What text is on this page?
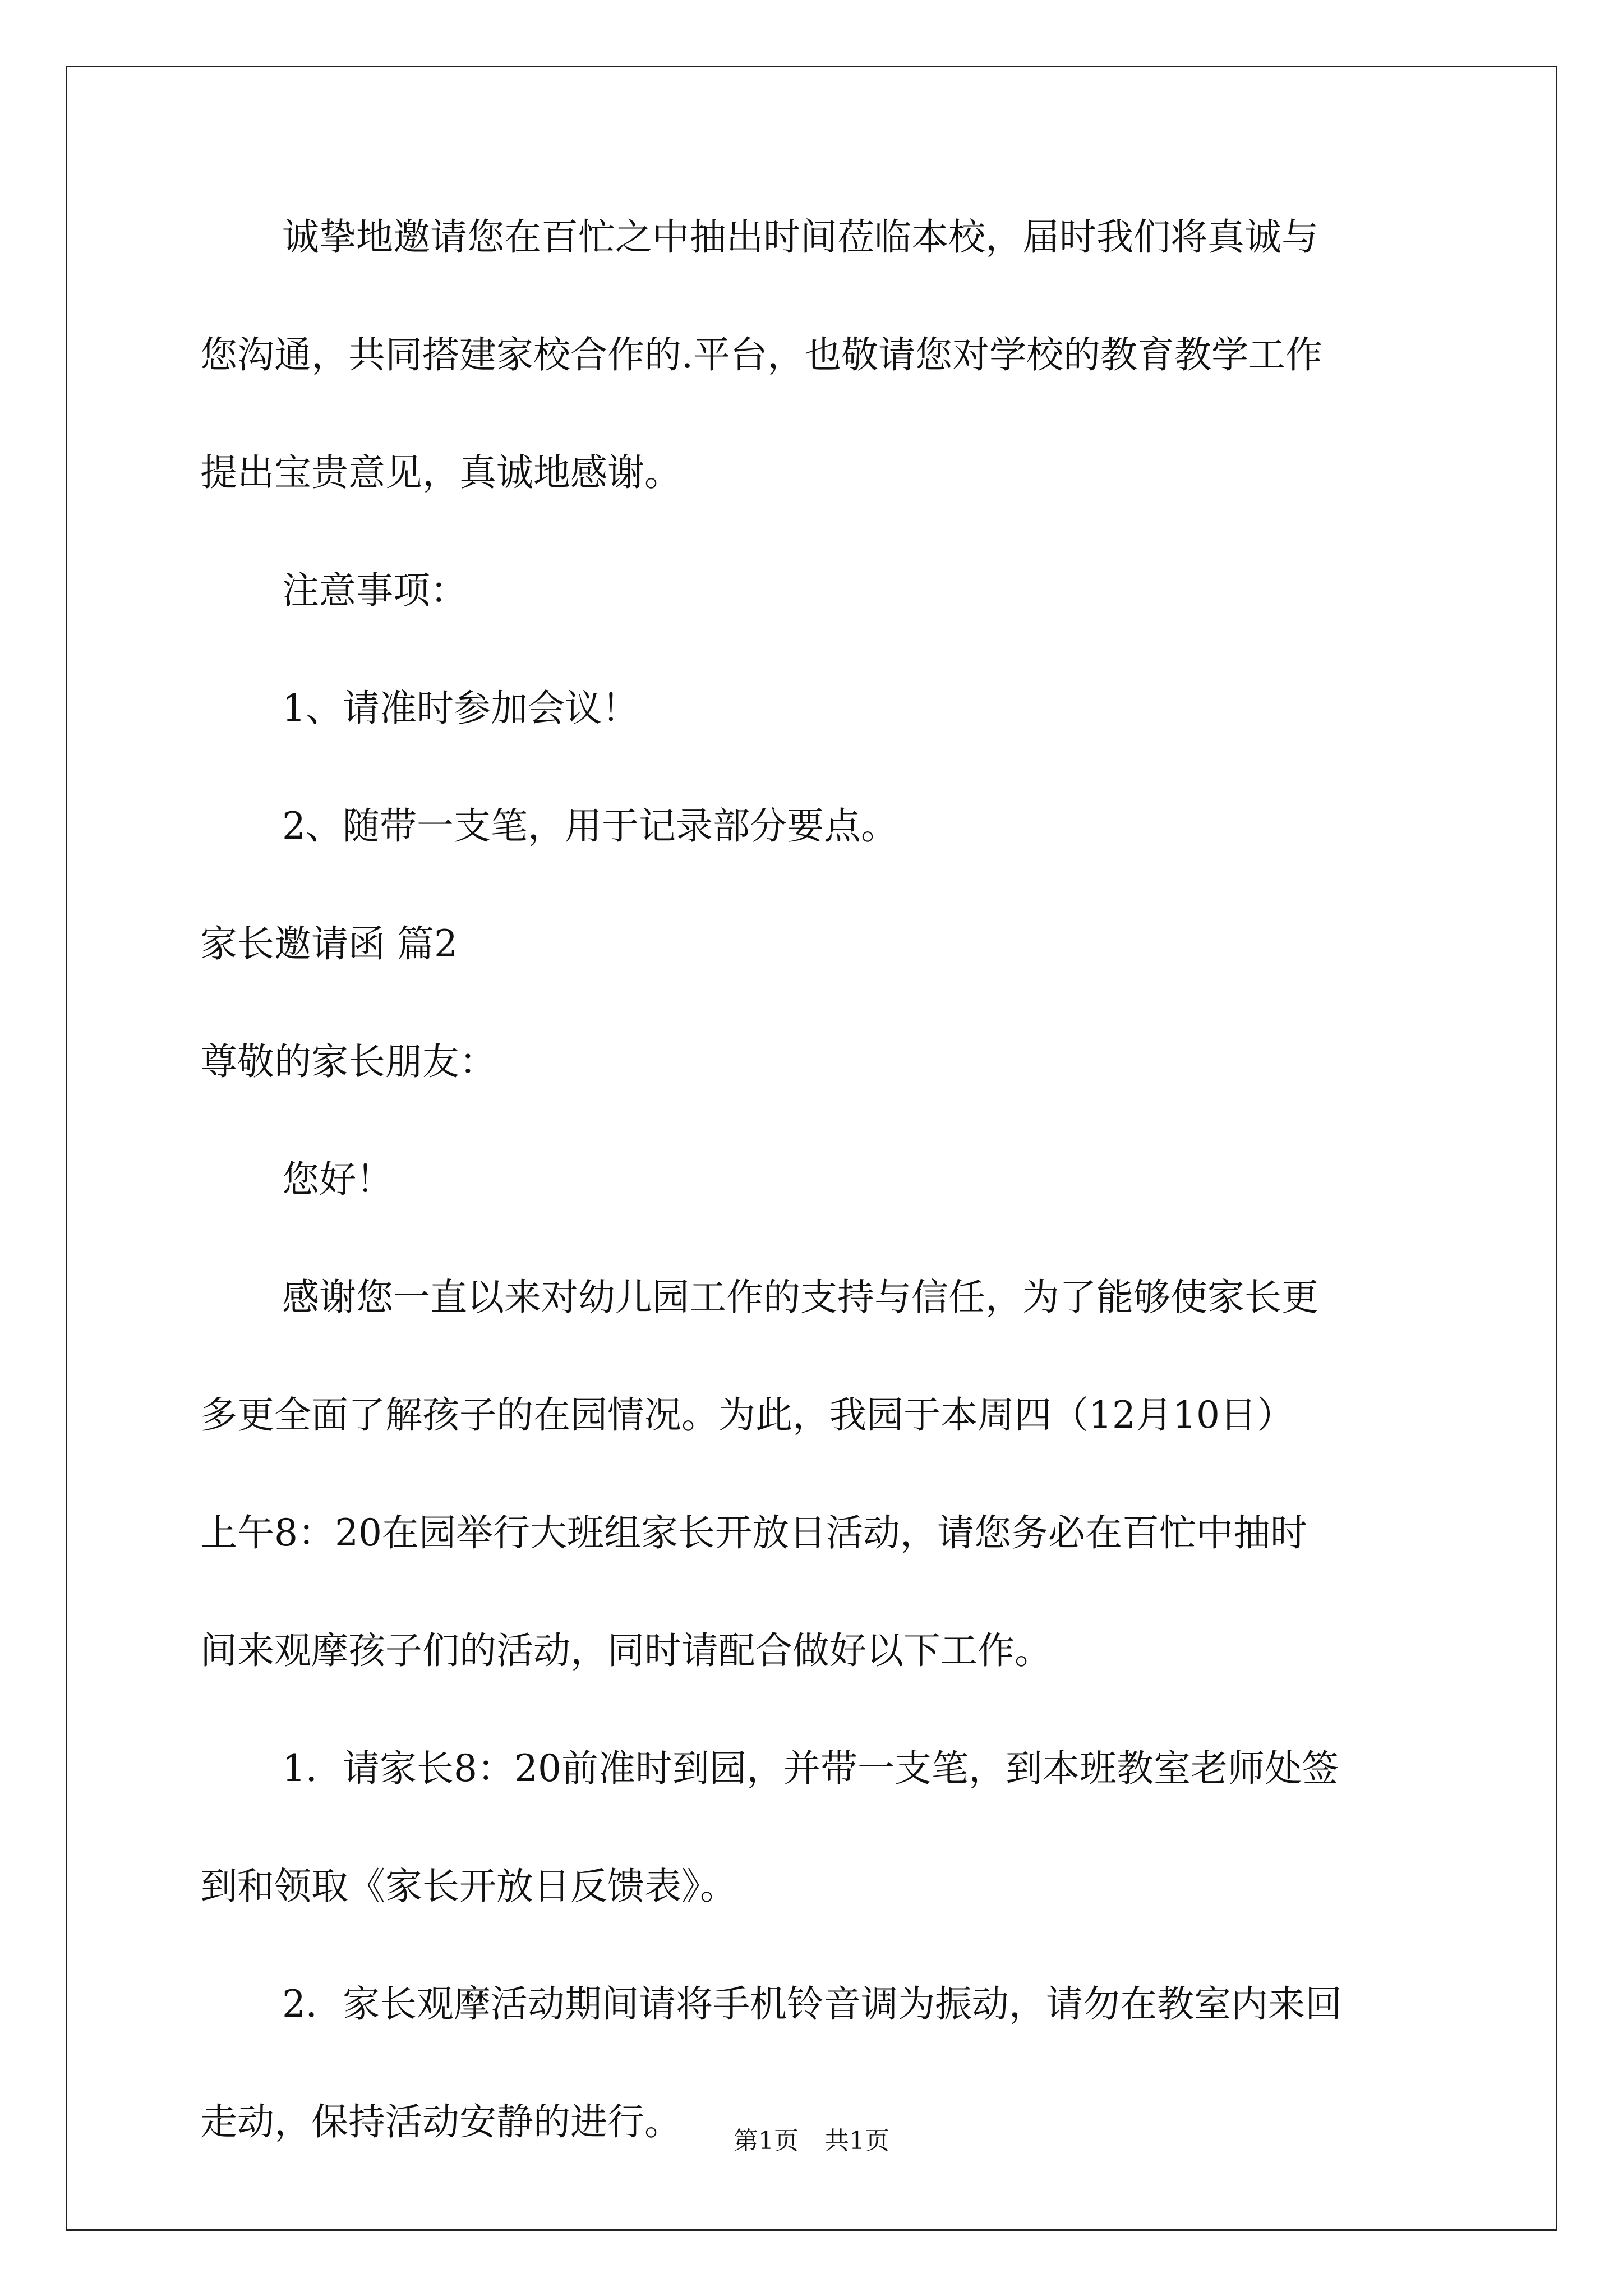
诚挚地邀请您在百忙之中抽出时间莅临本校，届时我们将真诚与

您沟通，共同搭建家校合作的.平台，也敬请您对学校的教育教学工作

提出宝贵意见，真诚地感谢。

注意事项：

1、请准时参加会议！

2、随带一支笔，用于记录部分要点。

家长邀请函 篇2

尊敬的家长朋友：

您好！

感谢您一直以来对幼儿园工作的支持与信任，为了能够使家长更

多更全面了解孩子的在园情况。为此，我园于本周四（12月10日）

上午8：20在园举行大班组家长开放日活动，请您务必在百忙中抽时

间来观摩孩子们的活动，同时请配合做好以下工作。

1．请家长8：20前准时到园，并带一支笔，到本班教室老师处签

到和领取《家长开放日反馈表》。

2．家长观摩活动期间请将手机铃音调为振动，请勿在教室内来回

走动，保持活动安静的进行。	第1页 共1页
